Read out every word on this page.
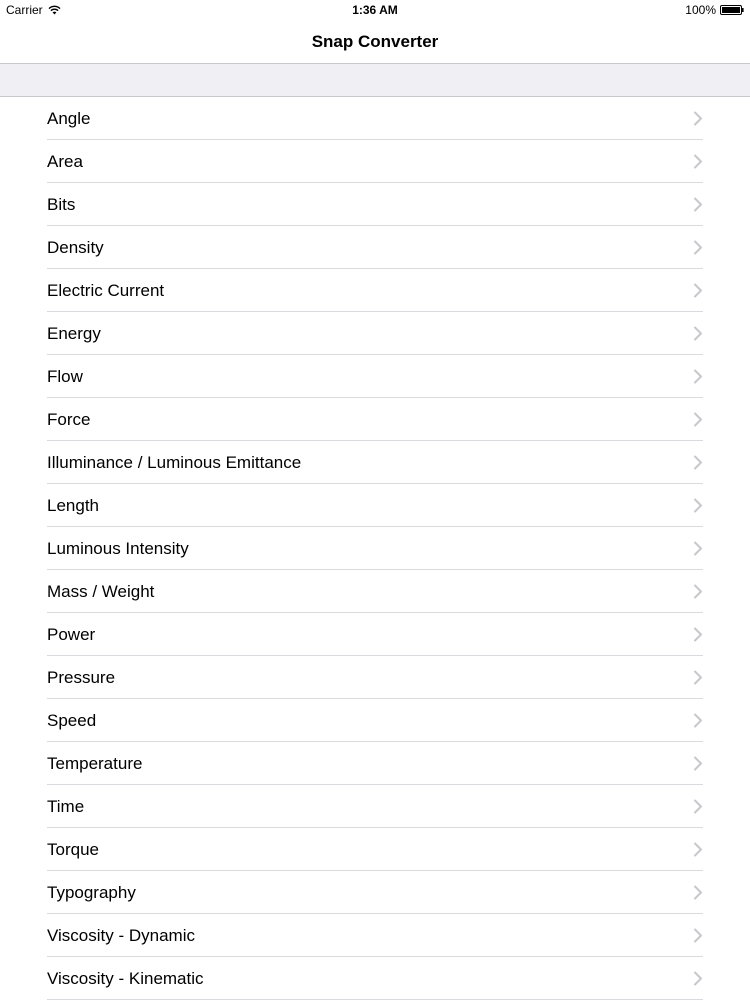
Carrier	1:36 AM	100%
Snap Converter
Angle
Area
Bits
Density
Electric Current
Energy
Flow
Force
Illuminance / Luminous Emittance
Length
Luminous Intensity
Mass / Weight
Power
Pressure
Speed
Temperature
Time
Torque
Typography
Viscosity - Dynamic
Viscosity - Kinematic
